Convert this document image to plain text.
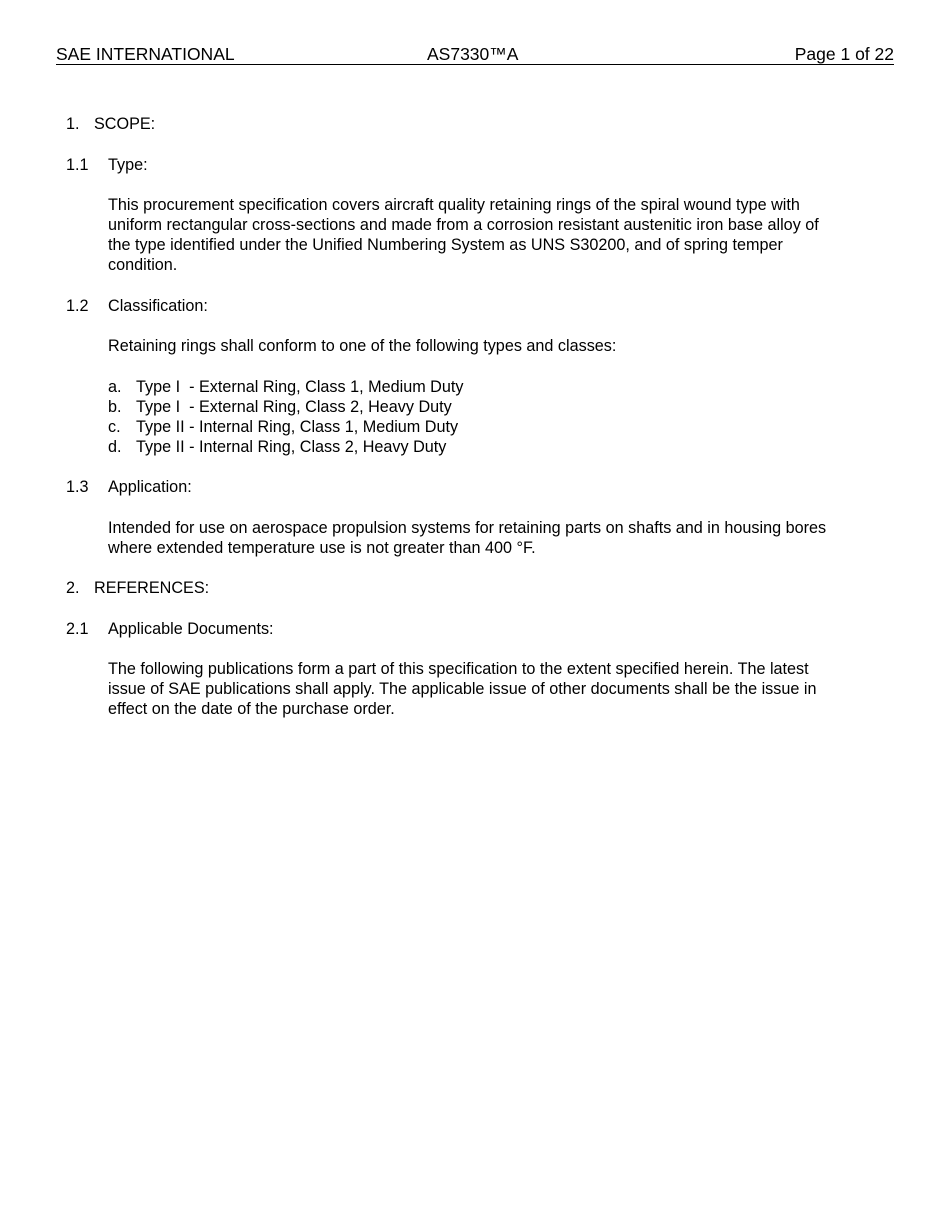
SAE INTERNATIONAL	AS7330™A	Page 1 of 22
1. SCOPE:
1.1 Type:
This procurement specification covers aircraft quality retaining rings of the spiral wound type with
uniform rectangular cross-sections and made from a corrosion resistant austenitic iron base alloy of
the type identified under the Unified Numbering System as UNS S30200, and of spring temper
condition.
1.2 Classification:
Retaining rings shall conform to one of the following types and classes:
a. Type I  - External Ring, Class 1, Medium Duty
b. Type I  - External Ring, Class 2, Heavy Duty
c. Type II - Internal Ring, Class 1, Medium Duty
d. Type II - Internal Ring, Class 2, Heavy Duty
1.3 Application:
Intended for use on aerospace propulsion systems for retaining parts on shafts and in housing bores
where extended temperature use is not greater than 400 °F.
2. REFERENCES:
2.1 Applicable Documents:
The following publications form a part of this specification to the extent specified herein. The latest
issue of SAE publications shall apply. The applicable issue of other documents shall be the issue in
effect on the date of the purchase order.
